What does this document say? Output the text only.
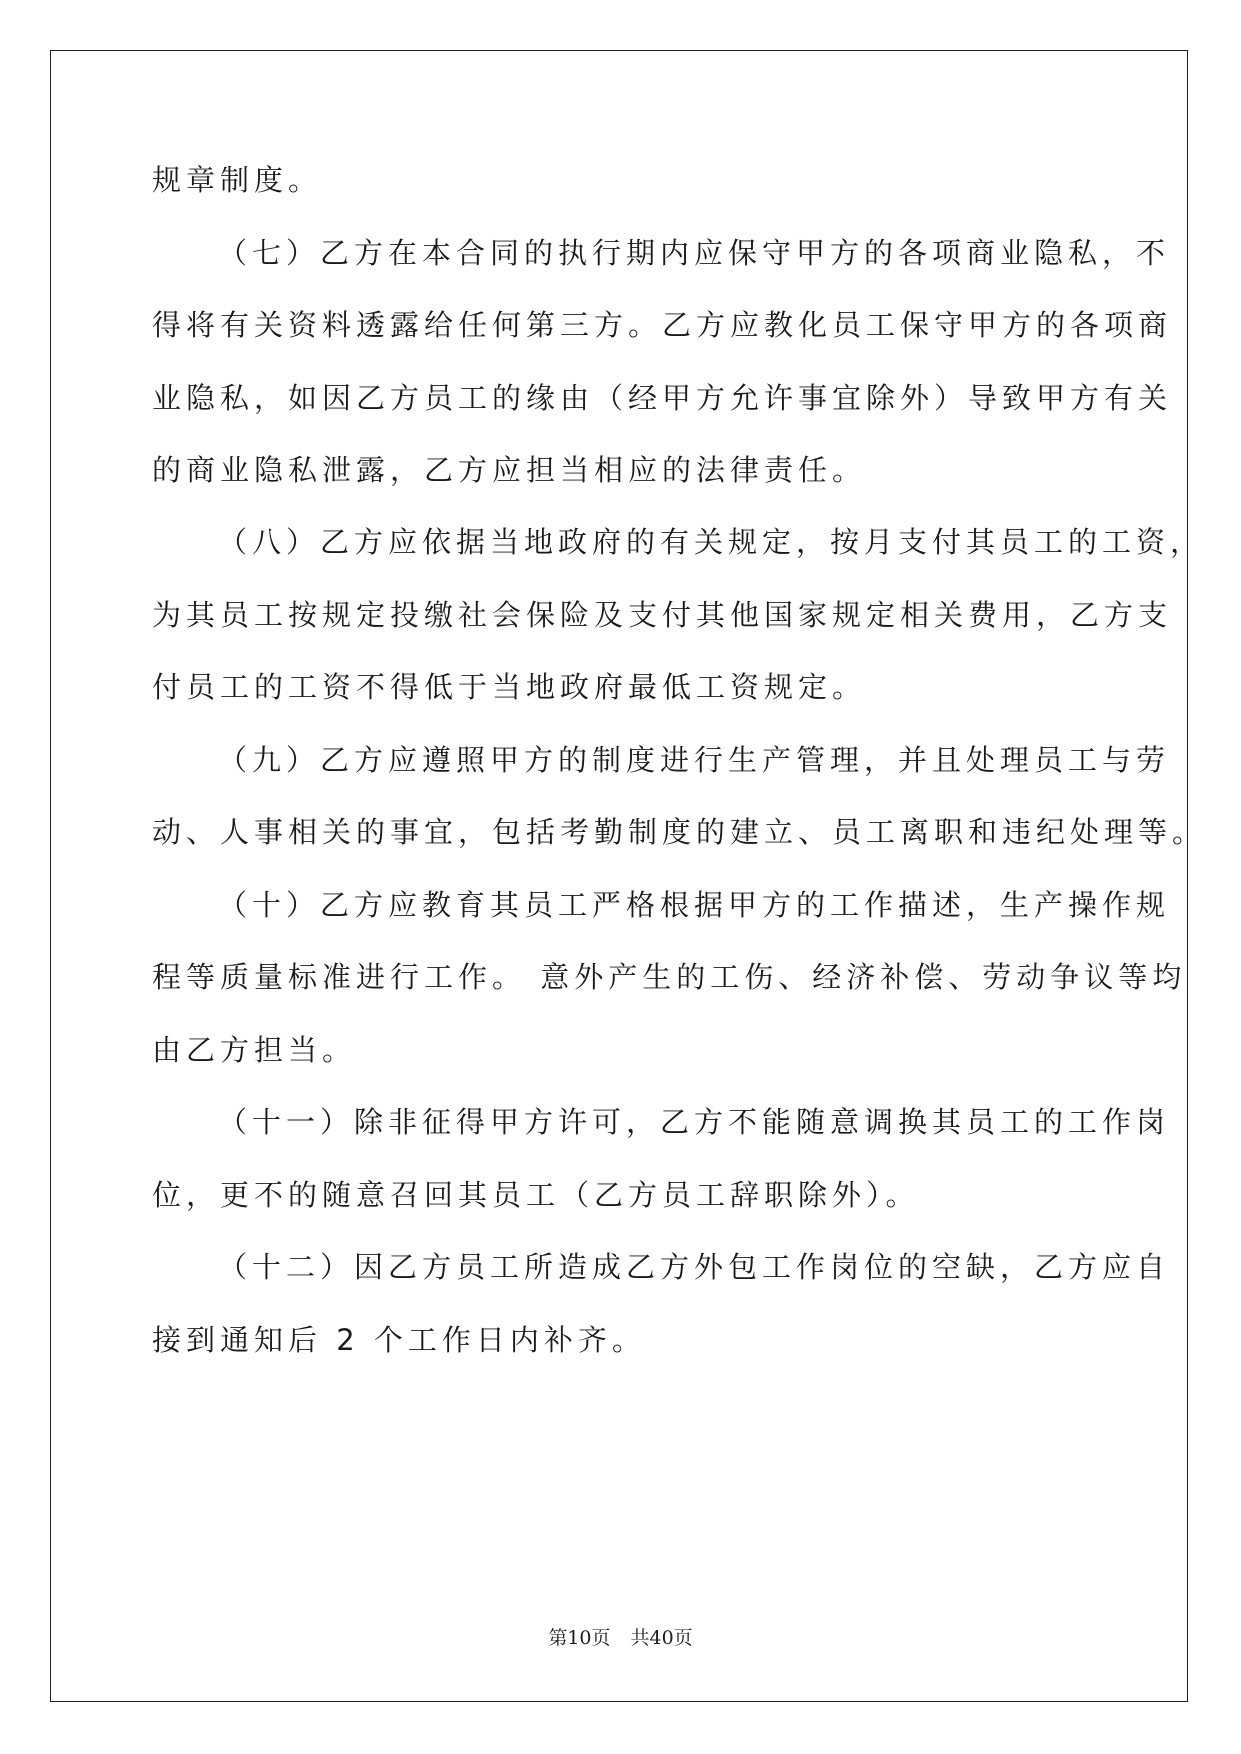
规章制度。
（七）乙方在本合同的执行期内应保守甲方的各项商业隐私，不
得将有关资料透露给任何第三方。乙方应教化员工保守甲方的各项商
业隐私，如因乙方员工的缘由（经甲方允许事宜除外）导致甲方有关
的商业隐私泄露，乙方应担当相应的法律责任。
（八）乙方应依据当地政府的有关规定，按月支付其员工的工资，
为其员工按规定投缴社会保险及支付其他国家规定相关费用，乙方支
付员工的工资不得低于当地政府最低工资规定。
（九）乙方应遵照甲方的制度进行生产管理，并且处理员工与劳
动、人事相关的事宜，包括考勤制度的建立、员工离职和违纪处理等。
（十）乙方应教育其员工严格根据甲方的工作描述，生产操作规
程等质量标准进行工作。 意外产生的工伤、经济补偿、劳动争议等均
由乙方担当。
（十一）除非征得甲方许可，乙方不能随意调换其员工的工作岗
位，更不的随意召回其员工（乙方员工辞职除外）。
（十二）因乙方员工所造成乙方外包工作岗位的空缺，乙方应自
接到通知后 2 个工作日内补齐。
第10页 共40页
